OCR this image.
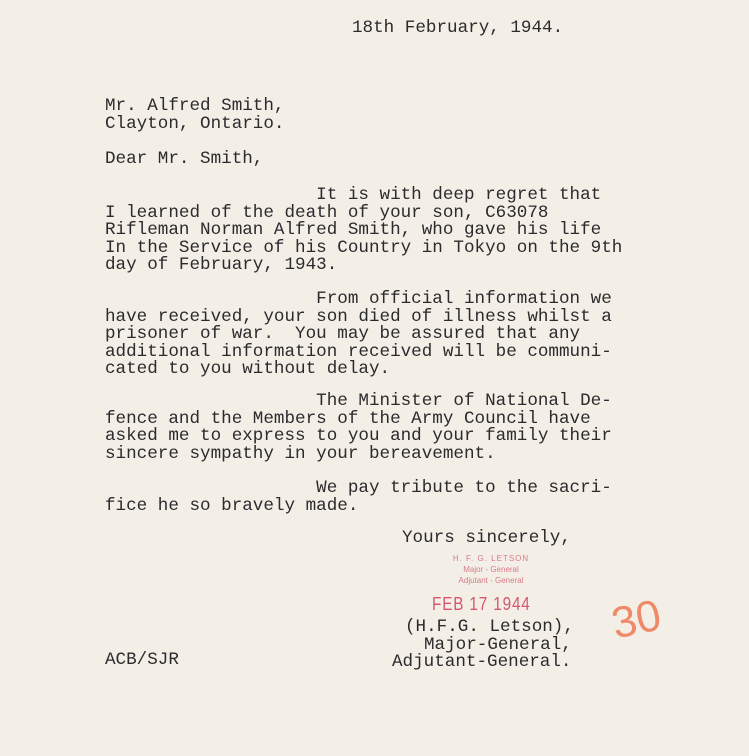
18th February, 1944.
Mr. Alfred Smith,
Clayton, Ontario.
Dear Mr. Smith,
It is with deep regret that
I learned of the death of your son, C63078
Rifleman Norman Alfred Smith, who gave his life
In the Service of his Country in Tokyo on the 9th
day of February, 1943.
From official information we
have received, your son died of illness whilst a
prisoner of war.  You may be assured that any
additional information received will be communi-
cated to you without delay.
The Minister of National De-
fence and the Members of the Army Council have
asked me to express to you and your family their
sincere sympathy in your bereavement.
We pay tribute to the sacri-
fice he so bravely made.
Yours sincerely,
H. F. G. LETSON
Major - General
Adjutant - General
FEB 17 1944
(H.F.G. Letson),
Major-General,
Adjutant-General.
ACB/SJR
30
